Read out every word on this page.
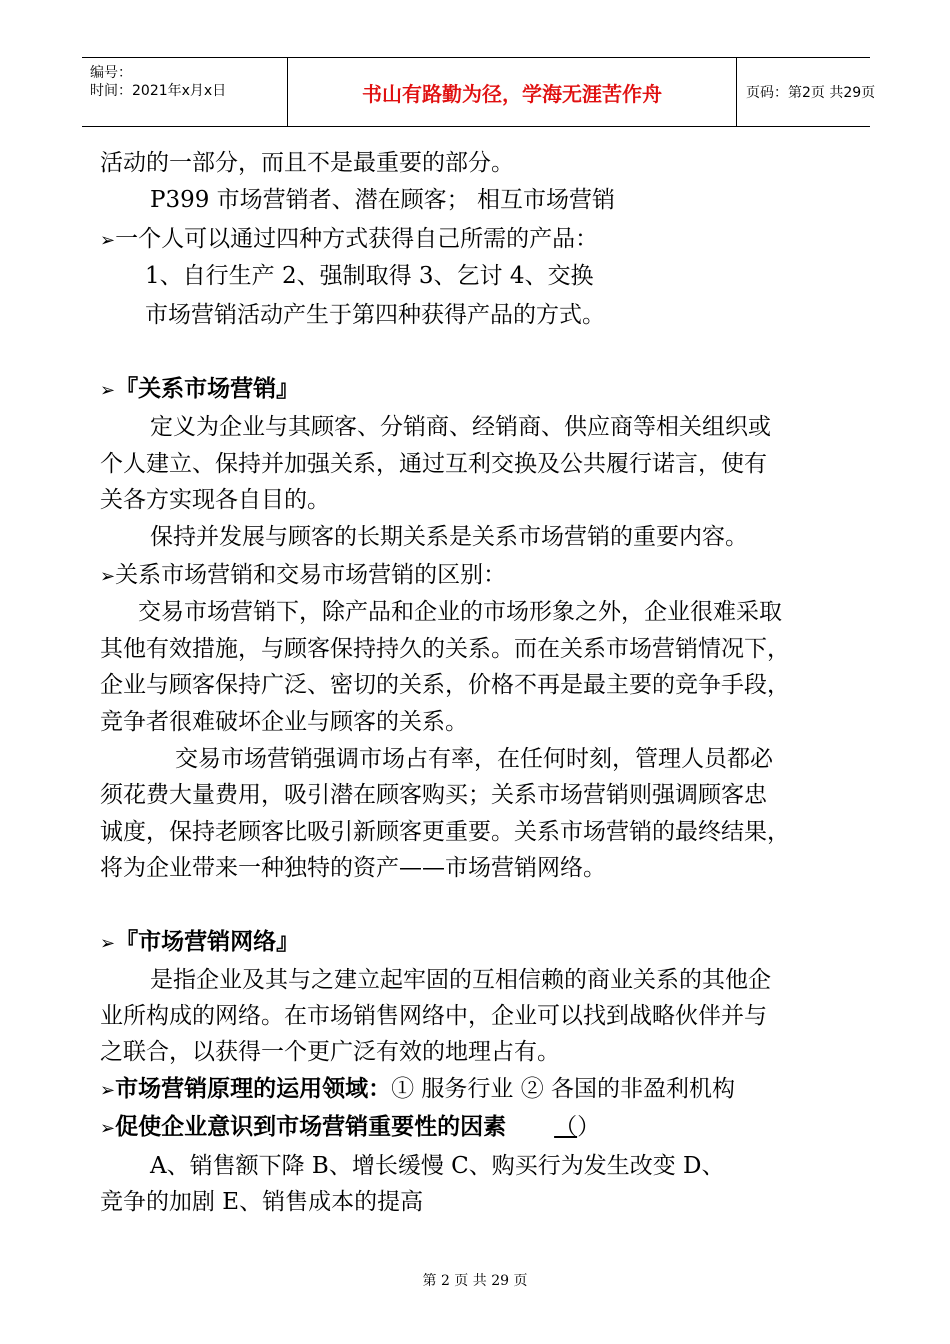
编号：
时间：2021年x月x日	书山有路勤为径，学海无涯苦作舟	页码：第2页 共29页
活动的一部分，而且不是最重要的部分。
P399 市场营销者、潜在顾客； 相互市场营销
➢一个人可以通过四种方式获得自己所需的产品：
1、自行生产 2、强制取得 3、乞讨 4、交换
市场营销活动产生于第四种获得产品的方式。
➢『关系市场营销』
定义为企业与其顾客、分销商、经销商、供应商等相关组织或
个人建立、保持并加强关系，通过互利交换及公共履行诺言，使有
关各方实现各自目的。
保持并发展与顾客的长期关系是关系市场营销的重要内容。
➢关系市场营销和交易市场营销的区别：
交易市场营销下，除产品和企业的市场形象之外，企业很难采取
其他有效措施，与顾客保持持久的关系。而在关系市场营销情况下，
企业与顾客保持广泛、密切的关系，价格不再是最主要的竞争手段，
竞争者很难破坏企业与顾客的关系。
交易市场营销强调市场占有率，在任何时刻，管理人员都必
须花费大量费用，吸引潜在顾客购买；关系市场营销则强调顾客忠
诚度，保持老顾客比吸引新顾客更重要。关系市场营销的最终结果，
将为企业带来一种独特的资产——市场营销网络。
➢『市场营销网络』
是指企业及其与之建立起牢固的互相信赖的商业关系的其他企
业所构成的网络。在市场销售网络中，企业可以找到战略伙伴并与
之联合，以获得一个更广泛有效的地理占有。
➢市场营销原理的运用领域：① 服务行业 ② 各国的非盈利机构
➢促使企业意识到市场营销重要性的因素 （）
A、销售额下降 B、增长缓慢 C、购买行为发生改变 D、
竞争的加剧 E、销售成本的提高
第 2 页 共 29 页
